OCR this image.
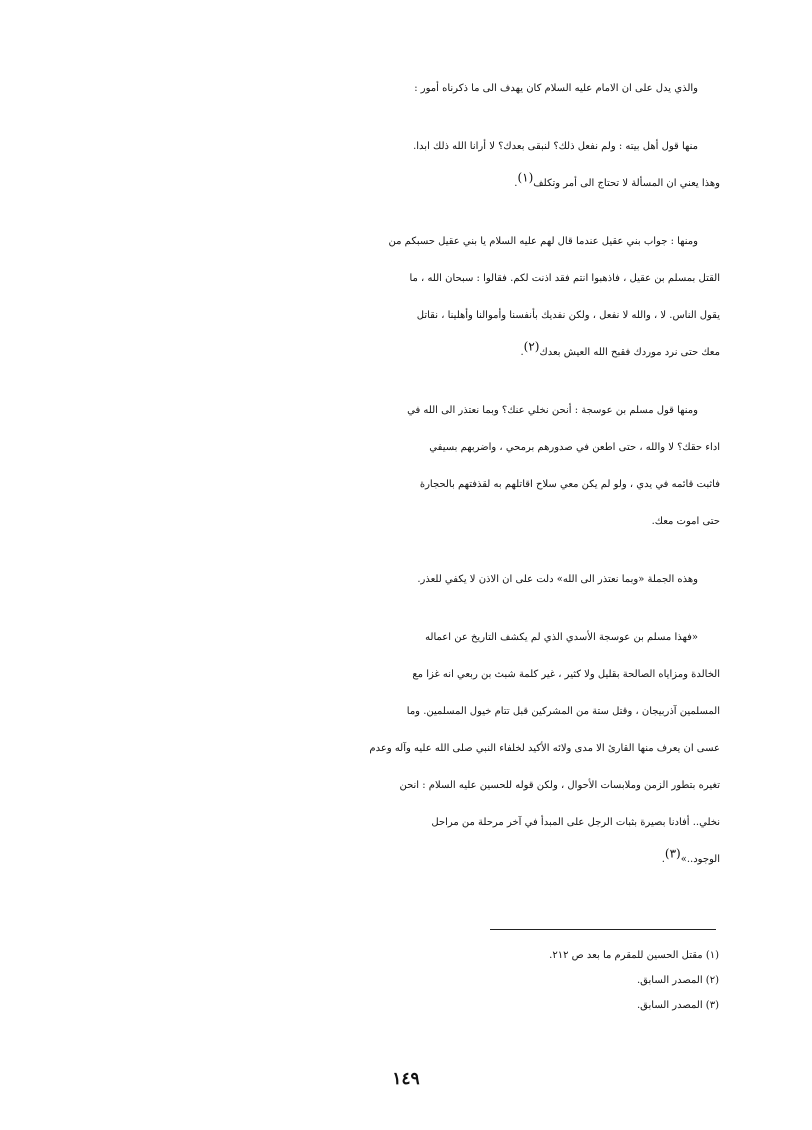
والذي يدل على ان الامام عليه السلام كان يهدف الى ما ذكرناه أمور :

منها قول أهل بيته : ولم نفعل ذلك؟ لنبقى بعدك؟ لا أرانا الله ذلك ابدا.
وهذا يعني ان المسألة لا تحتاج الى أمر وتكلف$^{(١)}$.

ومنها : جواب بني عقيل عندما قال لهم عليه السلام يا بني عقيل حسبكم من
القتل بمسلم بن عقيل ، فاذهبوا انتم فقد اذنت لكم. فقالوا : سبحان الله ، ما
يقول الناس. لا ، والله لا نفعل ، ولكن نفديك بأنفسنا وأموالنا وأهلينا ، نقاتل
معك حتى نرد موردك فقبح الله العيش بعدك$^{(٢)}$.

ومنها قول مسلم بن عوسجة : أنحن نخلي عنك؟ وبما نعتذر الى الله في
اداء حقك؟ لا والله ، حتى اطعن في صدورهم برمحي ، واضربهم بسيفي
فاثبت قائمه في يدي ، ولو لم يكن معي سلاح اقاتلهم به لقذفتهم بالحجارة
حتى اموت معك.

وهذه الجملة «وبما نعتذر الى الله» دلت على ان الاذن لا يكفي للعذر.

«فهذا مسلم بن عوسجة الأسدي الذي لم يكشف التاريخ عن اعماله
الخالدة ومزاياه الصالحة بقليل ولا كثير ، غير كلمة شبث بن ربعي انه غزا مع
المسلمين آذربيجان ، وقتل ستة من المشركين قبل تتام خيول المسلمين. وما
عسى ان يعرف منها القارئ الا مدى ولائه الأكيد لخلفاء النبي صلى الله عليه وآله وعدم
تغيره بتطور الزمن وملابسات الأحوال ، ولكن قوله للحسين عليه السلام : انحن
نخلي.. أفادنا بصيرة بثبات الرجل على المبدأ في آخر مرحلة من مراحل
الوجود..»$^{(٣)}$.

(١) مقتل الحسين للمقرم ما بعد ص ٢١٢.
(٢) المصدر السابق.
(٣) المصدر السابق.
١٤٩
